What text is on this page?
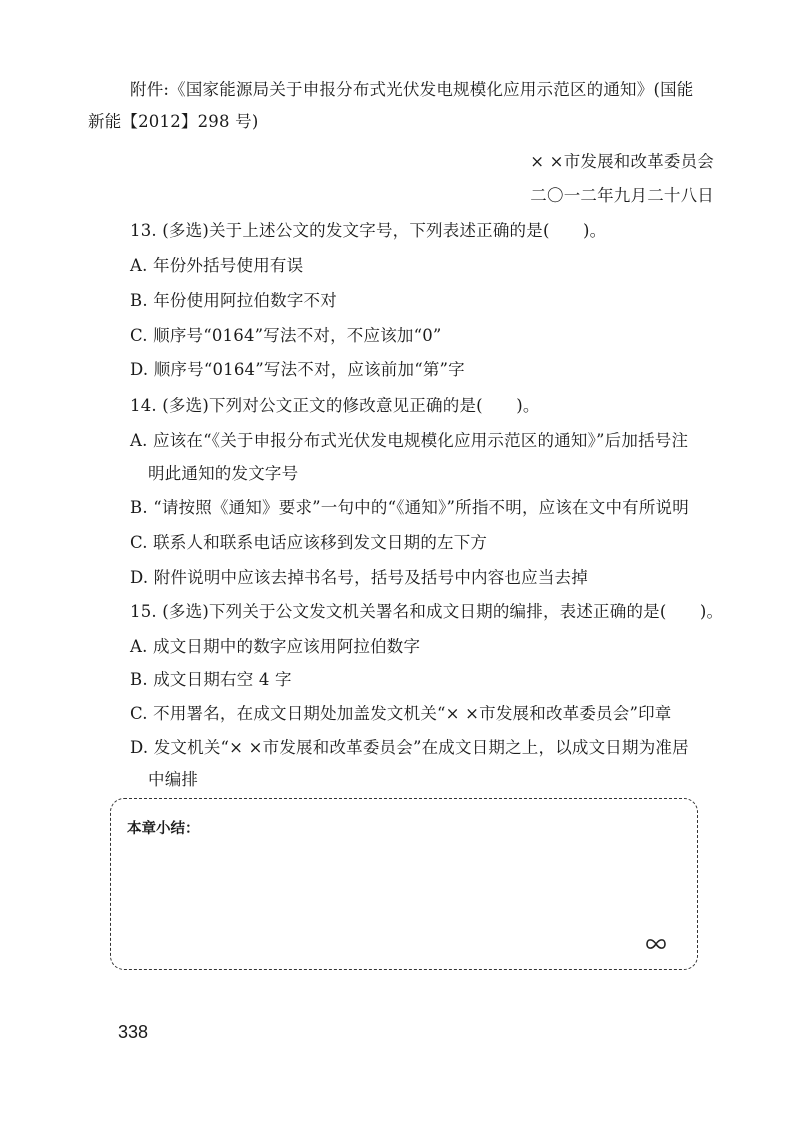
附件:《国家能源局关于申报分布式光伏发电规模化应用示范区的通知》(国能
新能【2012】298 号)
× ×市发展和改革委员会
二〇一二年九月二十八日
13. (多选)关于上述公文的发文字号，下列表述正确的是(　　)。
A. 年份外括号使用有误
B. 年份使用阿拉伯数字不对
C. 顺序号“0164”写法不对，不应该加“0”
D. 顺序号“0164”写法不对，应该前加“第”字
14. (多选)下列对公文正文的修改意见正确的是(　　)。
A. 应该在“《关于申报分布式光伏发电规模化应用示范区的通知》”后加括号注
明此通知的发文字号
B. “请按照《通知》要求”一句中的“《通知》”所指不明，应该在文中有所说明
C. 联系人和联系电话应该移到发文日期的左下方
D. 附件说明中应该去掉书名号，括号及括号中内容也应当去掉
15. (多选)下列关于公文发文机关署名和成文日期的编排，表述正确的是(　　)。
A. 成文日期中的数字应该用阿拉伯数字
B. 成文日期右空 4 字
C. 不用署名，在成文日期处加盖发文机关“× ×市发展和改革委员会”印章
D. 发文机关“× ×市发展和改革委员会”在成文日期之上，以成文日期为准居
中编排
本章小结：
338
